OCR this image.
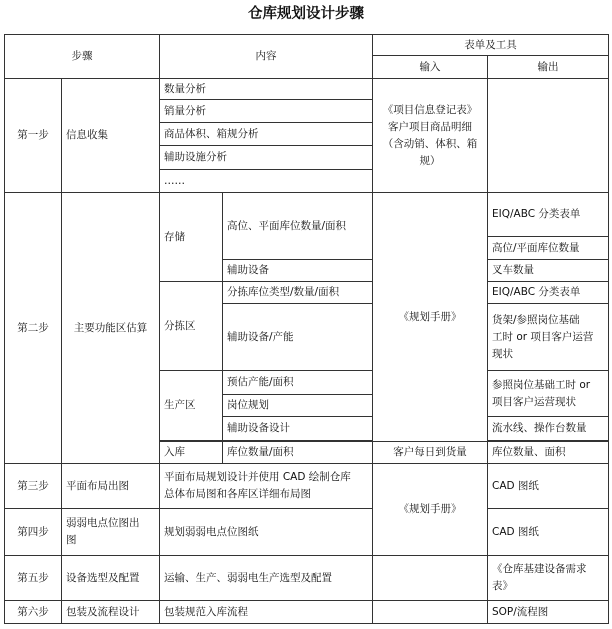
仓库规划设计步骤
步骤		内容		表单及工具	
				输入	输出
第一步	信息收集	数量分析		《项目信息登记表》
客户项目商品明细
（含动销、体积、箱
规）	
		销量分析			
		商品体积、箱规分析			
		辅助设施分析			
		……			
第二步	主要功能区估算	存储	高位、平面库位数量/面积	《规划手册》	EIQ/ABC 分类表单
					高位/平面库位数量
			辅助设备		叉车数量
		分拣区	分拣库位类型/数量/面积		EIQ/ABC 分类表单
			辅助设备/产能		货架/参照岗位基础
工时 or 项目客户运营
现状
		生产区	预估产能/面积		参照岗位基础工时 or
项目客户运营现状
			岗位规划		
			辅助设备设计		流水线、操作台数量

		入库	库位数量/面积	客户每日到货量	库位数量、面积
第三步	平面布局出图	平面布局规划设计并使用 CAD 绘制仓库
总体布局图和各库区详细布局图		《规划手册》	CAD 图纸
第四步	弱弱电点位图出
图	规划弱弱电点位图纸			CAD 图纸
第五步	设备选型及配置	运输、生产、弱弱电生产选型及配置			《仓库基建设备需求
表》
第六步	包装及流程设计	包装规范入库流程			SOP/流程图
